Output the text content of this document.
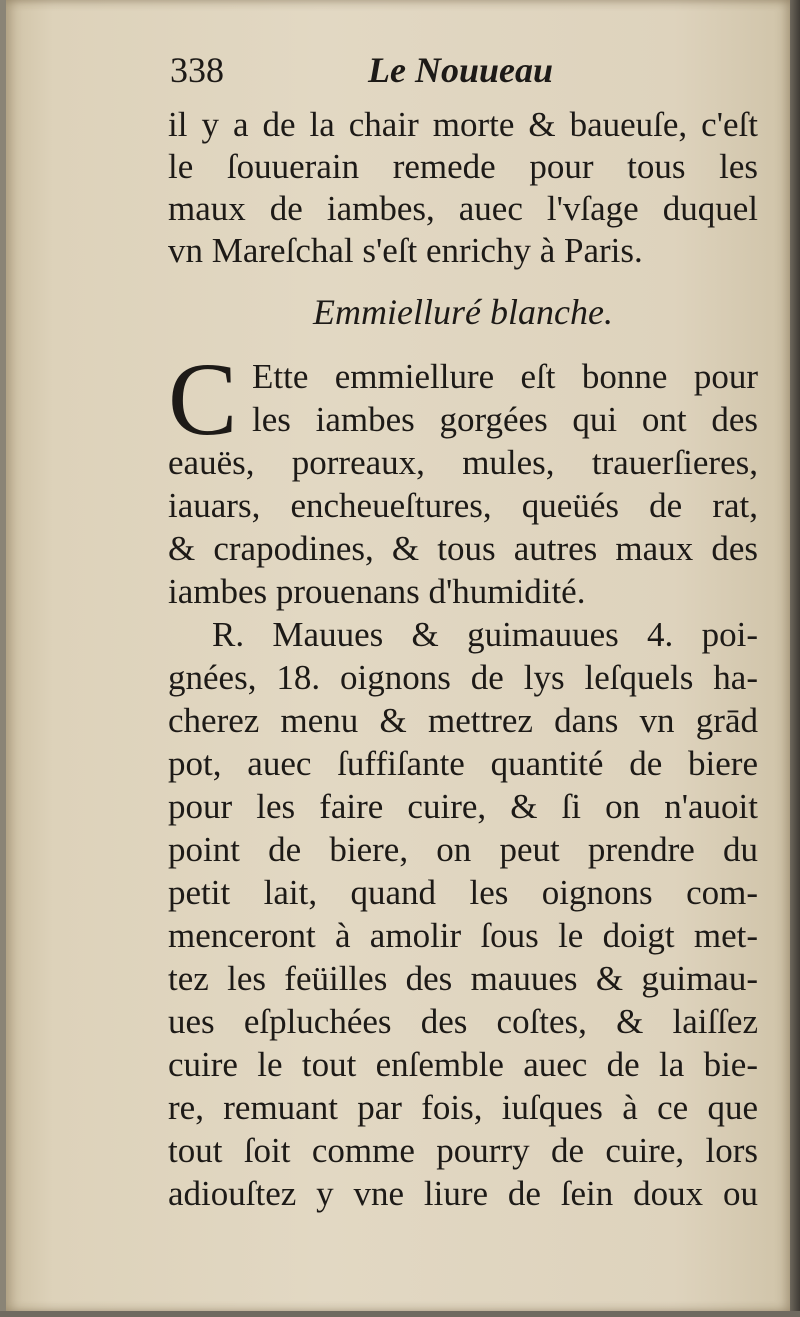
338	Le Nouueau
il y a de la chair morte & baueuſe, c'eſt
le ſouuerain remede pour tous les
maux de iambes, auec l'vſage duquel
vn Mareſchal s'eſt enrichy à Paris.
Emmielluré blanche.
C Ette emmiellure eſt bonne pour
les iambes gorgées qui ont des
eauës, porreaux, mules, trauerſieres,
iauars, encheueſtures, queüés de rat,
& crapodines, & tous autres maux des
iambes prouenans d'humidité.
R. Mauues & guimauues 4. poi-
gnées, 18. oignons de lys leſquels ha-
cherez menu & mettrez dans vn grād
pot, auec ſuffiſante quantité de biere
pour les faire cuire, & ſi on n'auoit
point de biere, on peut prendre du
petit lait, quand les oignons com-
menceront à amolir ſous le doigt met-
tez les feüilles des mauues & guimau-
ues eſpluchées des coſtes, & laiſſez
cuire le tout enſemble auec de la bie-
re, remuant par fois, iuſques à ce que
tout ſoit comme pourry de cuire, lors
adiouſtez y vne liure de ſein doux ou
